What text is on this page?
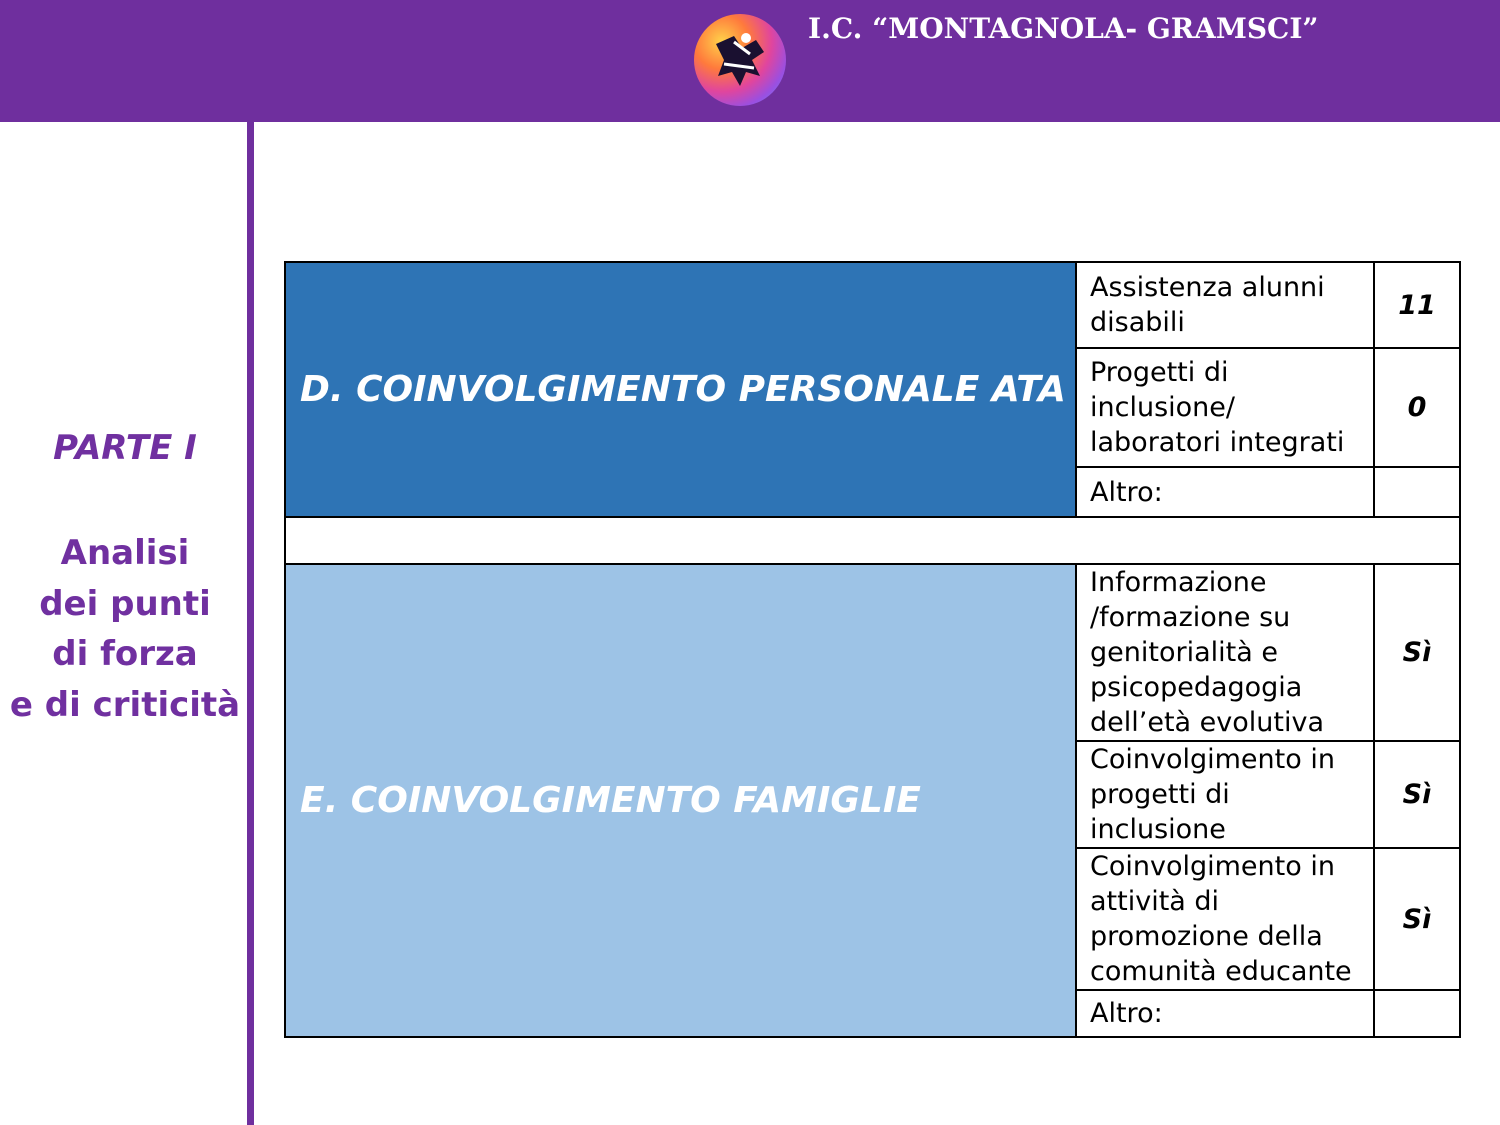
I.C. “MONTAGNOLA- GRAMSCI”
PARTE I
Analisi
dei punti
di forza
e di criticità
D. COINVOLGIMENTO PERSONALE ATA	Assistenza alunni disabili	11
	Progetti di inclusione/ laboratori integrati	0
	Altro:	

E. COINVOLGIMENTO FAMIGLIE	Informazione /formazione su genitorialità e psicopedagogia dell’età evolutiva	Sì
	Coinvolgimento in progetti di inclusione	Sì
	Coinvolgimento in attività di promozione della comunità educante	Sì
	Altro:	
